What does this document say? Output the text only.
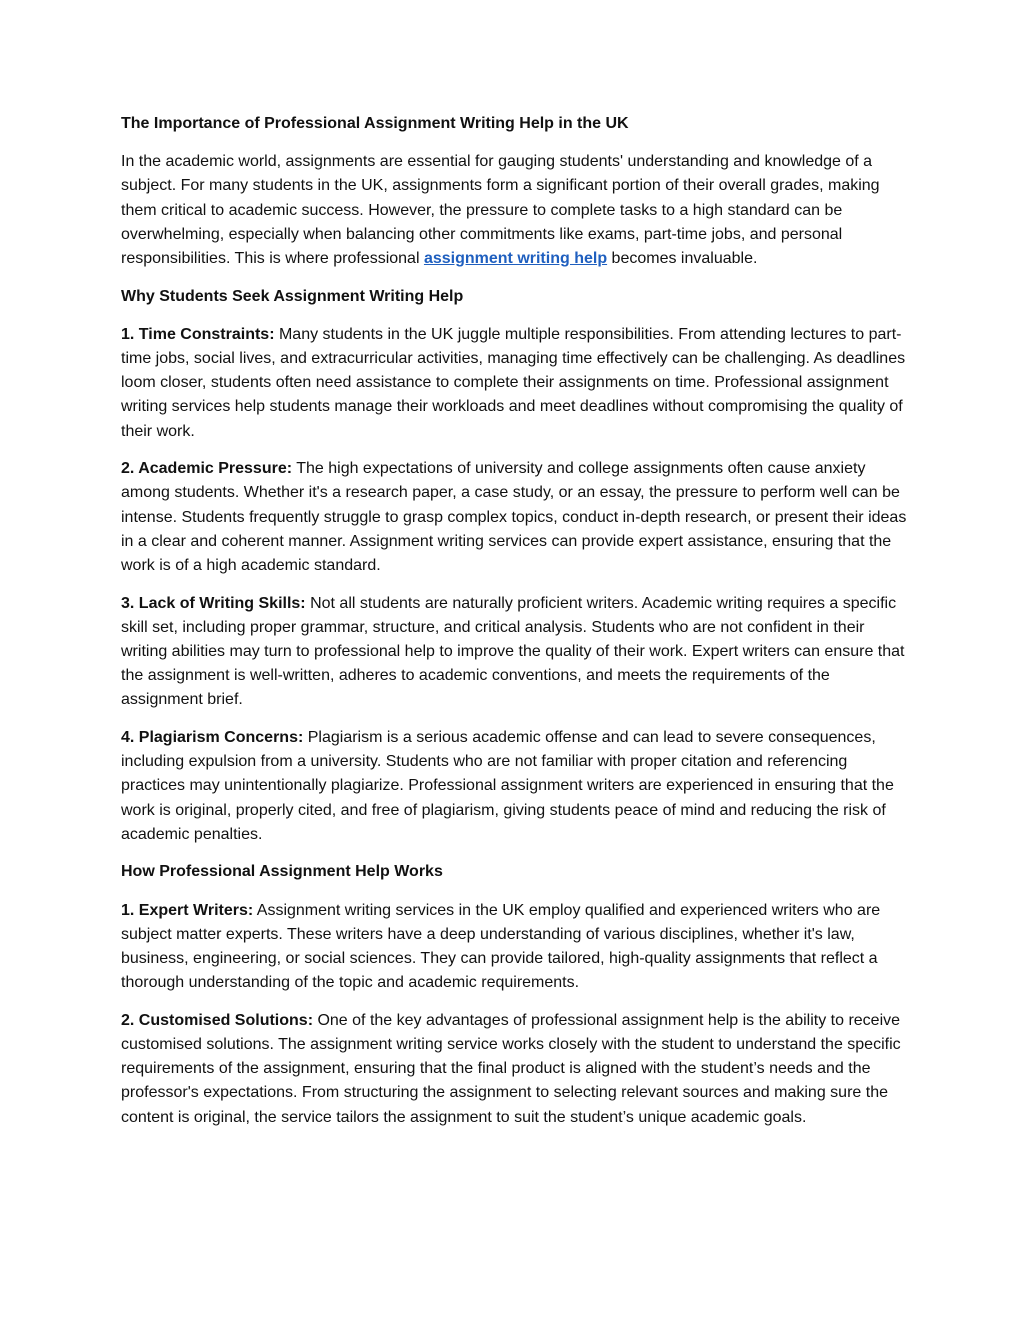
The Importance of Professional Assignment Writing Help in the UK

In the academic world, assignments are essential for gauging students' understanding and knowledge of a subject. For many students in the UK, assignments form a significant portion of their overall grades, making them critical to academic success. However, the pressure to complete tasks to a high standard can be overwhelming, especially when balancing other commitments like exams, part-time jobs, and personal responsibilities. This is where professional assignment writing help becomes invaluable.

Why Students Seek Assignment Writing Help

1. Time Constraints: Many students in the UK juggle multiple responsibilities. From attending lectures to part-time jobs, social lives, and extracurricular activities, managing time effectively can be challenging. As deadlines loom closer, students often need assistance to complete their assignments on time. Professional assignment writing services help students manage their workloads and meet deadlines without compromising the quality of their work.

2. Academic Pressure: The high expectations of university and college assignments often cause anxiety among students. Whether it's a research paper, a case study, or an essay, the pressure to perform well can be intense. Students frequently struggle to grasp complex topics, conduct in-depth research, or present their ideas in a clear and coherent manner. Assignment writing services can provide expert assistance, ensuring that the work is of a high academic standard.

3. Lack of Writing Skills: Not all students are naturally proficient writers. Academic writing requires a specific skill set, including proper grammar, structure, and critical analysis. Students who are not confident in their writing abilities may turn to professional help to improve the quality of their work. Expert writers can ensure that the assignment is well-written, adheres to academic conventions, and meets the requirements of the assignment brief.

4. Plagiarism Concerns: Plagiarism is a serious academic offense and can lead to severe consequences, including expulsion from a university. Students who are not familiar with proper citation and referencing practices may unintentionally plagiarize. Professional assignment writers are experienced in ensuring that the work is original, properly cited, and free of plagiarism, giving students peace of mind and reducing the risk of academic penalties.

How Professional Assignment Help Works

1. Expert Writers: Assignment writing services in the UK employ qualified and experienced writers who are subject matter experts. These writers have a deep understanding of various disciplines, whether it's law, business, engineering, or social sciences. They can provide tailored, high-quality assignments that reflect a thorough understanding of the topic and academic requirements.

2. Customised Solutions: One of the key advantages of professional assignment help is the ability to receive customised solutions. The assignment writing service works closely with the student to understand the specific requirements of the assignment, ensuring that the final product is aligned with the student’s needs and the professor's expectations. From structuring the assignment to selecting relevant sources and making sure the content is original, the service tailors the assignment to suit the student’s unique academic goals.
